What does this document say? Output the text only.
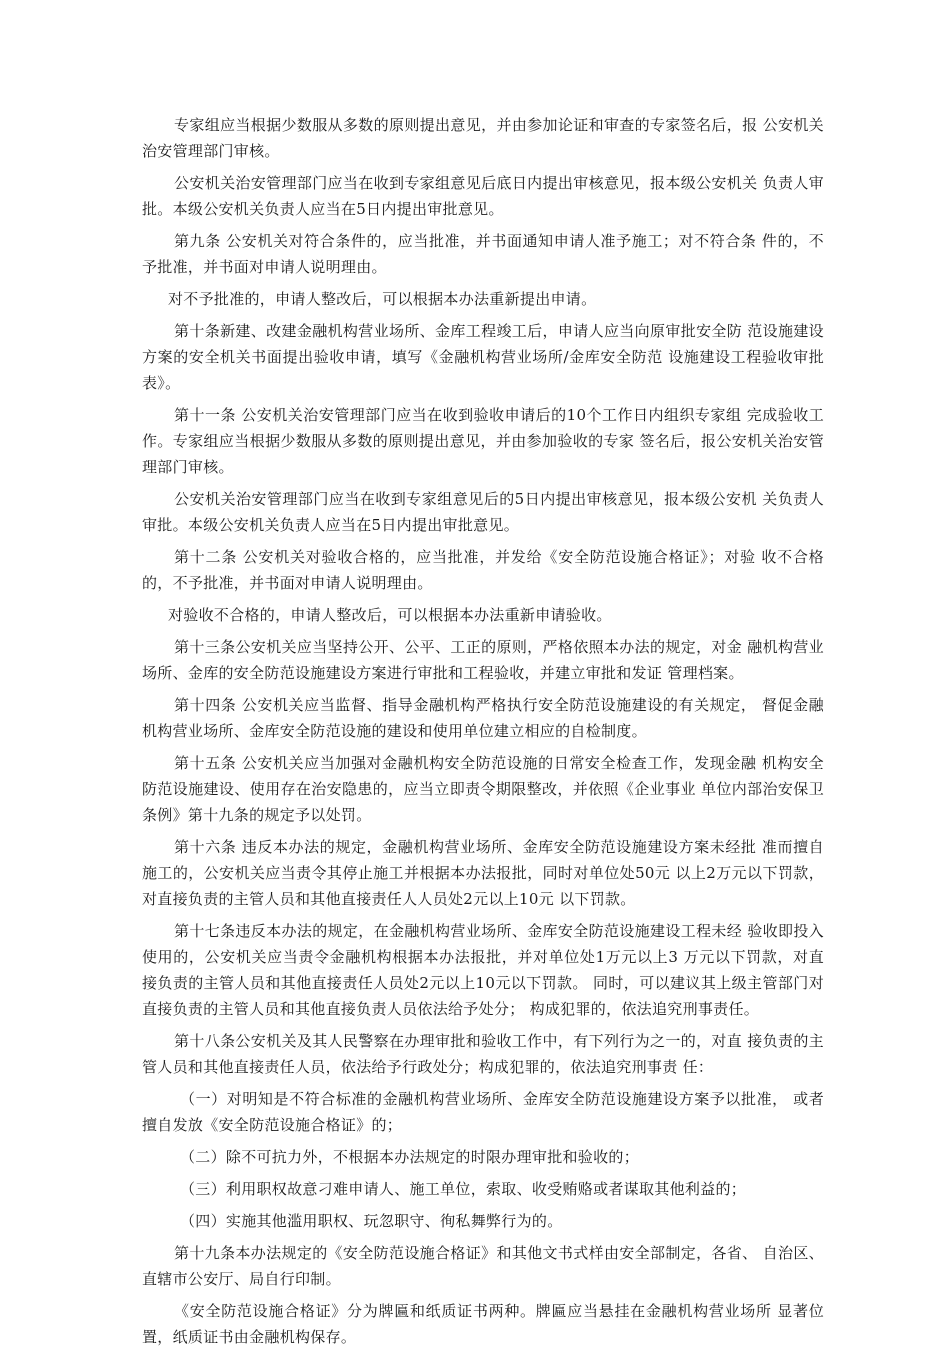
专家组应当根据少数服从多数的原则提出意见，并由参加论证和审查的专家签名后，报 公安机关治安管理部门审核。

公安机关治安管理部门应当在收到专家组意见后底日内提出审核意见，报本级公安机关 负责人审批。本级公安机关负责人应当在5日内提出审批意见。

第九条 公安机关对符合条件的，应当批准，并书面通知申请人准予施工；对不符合条 件的，不予批准，并书面对申请人说明理由。

对不予批准的，申请人整改后，可以根据本办法重新提出申请。

第十条新建、改建金融机构营业场所、金库工程竣工后，申请人应当向原审批安全防 范设施建设方案的安全机关书面提出验收申请，填写《金融机构营业场所/金库安全防范 设施建设工程验收审批表》。

第十一条 公安机关治安管理部门应当在收到验收申请后的10个工作日内组织专家组 完成验收工作。专家组应当根据少数服从多数的原则提出意见，并由参加验收的专家 签名后，报公安机关治安管理部门审核。

公安机关治安管理部门应当在收到专家组意见后的5日内提出审核意见，报本级公安机 关负责人审批。本级公安机关负责人应当在5日内提出审批意见。

第十二条 公安机关对验收合格的，应当批准，并发给《安全防范设施合格证》；对验 收不合格的，不予批准，并书面对申请人说明理由。

对验收不合格的，申请人整改后，可以根据本办法重新申请验收。

第十三条公安机关应当坚持公开、公平、工正的原则，严格依照本办法的规定，对金 融机构营业场所、金库的安全防范设施建设方案进行审批和工程验收，并建立审批和发证 管理档案。

第十四条 公安机关应当监督、指导金融机构严格执行安全防范设施建设的有关规定， 督促金融机构营业场所、金库安全防范设施的建设和使用单位建立相应的自检制度。

第十五条 公安机关应当加强对金融机构安全防范设施的日常安全检查工作，发现金融 机构安全防范设施建设、使用存在治安隐患的，应当立即责令期限整改，并依照《企业事业 单位内部治安保卫条例》第十九条的规定予以处罚。

第十六条 违反本办法的规定，金融机构营业场所、金库安全防范设施建设方案未经批 准而擅自施工的，公安机关应当责令其停止施工并根据本办法报批，同时对单位处50元 以上2万元以下罚款，对直接负责的主管人员和其他直接责任人人员处2元以上10元 以下罚款。

第十七条违反本办法的规定，在金融机构营业场所、金库安全防范设施建设工程未经 验收即投入使用的，公安机关应当责令金融机构根据本办法报批，并对单位处1万元以上3 万元以下罚款，对直接负责的主管人员和其他直接责任人员处2元以上10元以下罚款。 同时，可以建议其上级主管部门对直接负责的主管人员和其他直接负责人员依法给予处分； 构成犯罪的，依法追究刑事责任。

第十八条公安机关及其人民警察在办理审批和验收工作中，有下列行为之一的，对直 接负责的主管人员和其他直接责任人员，依法给予行政处分；构成犯罪的，依法追究刑事责 任：

（一）对明知是不符合标准的金融机构营业场所、金库安全防范设施建设方案予以批准， 或者擅自发放《安全防范设施合格证》的；

（二）除不可抗力外，不根据本办法规定的时限办理审批和验收的；

（三）利用职权故意刁难申请人、施工单位，索取、收受贿赂或者谋取其他利益的；

（四）实施其他滥用职权、玩忽职守、徇私舞弊行为的。

第十九条本办法规定的《安全防范设施合格证》和其他文书式样由安全部制定，各省、 自治区、直辖市公安厅、局自行印制。

《安全防范设施合格证》分为牌匾和纸质证书两种。牌匾应当悬挂在金融机构营业场所 显著位置，纸质证书由金融机构保存。
